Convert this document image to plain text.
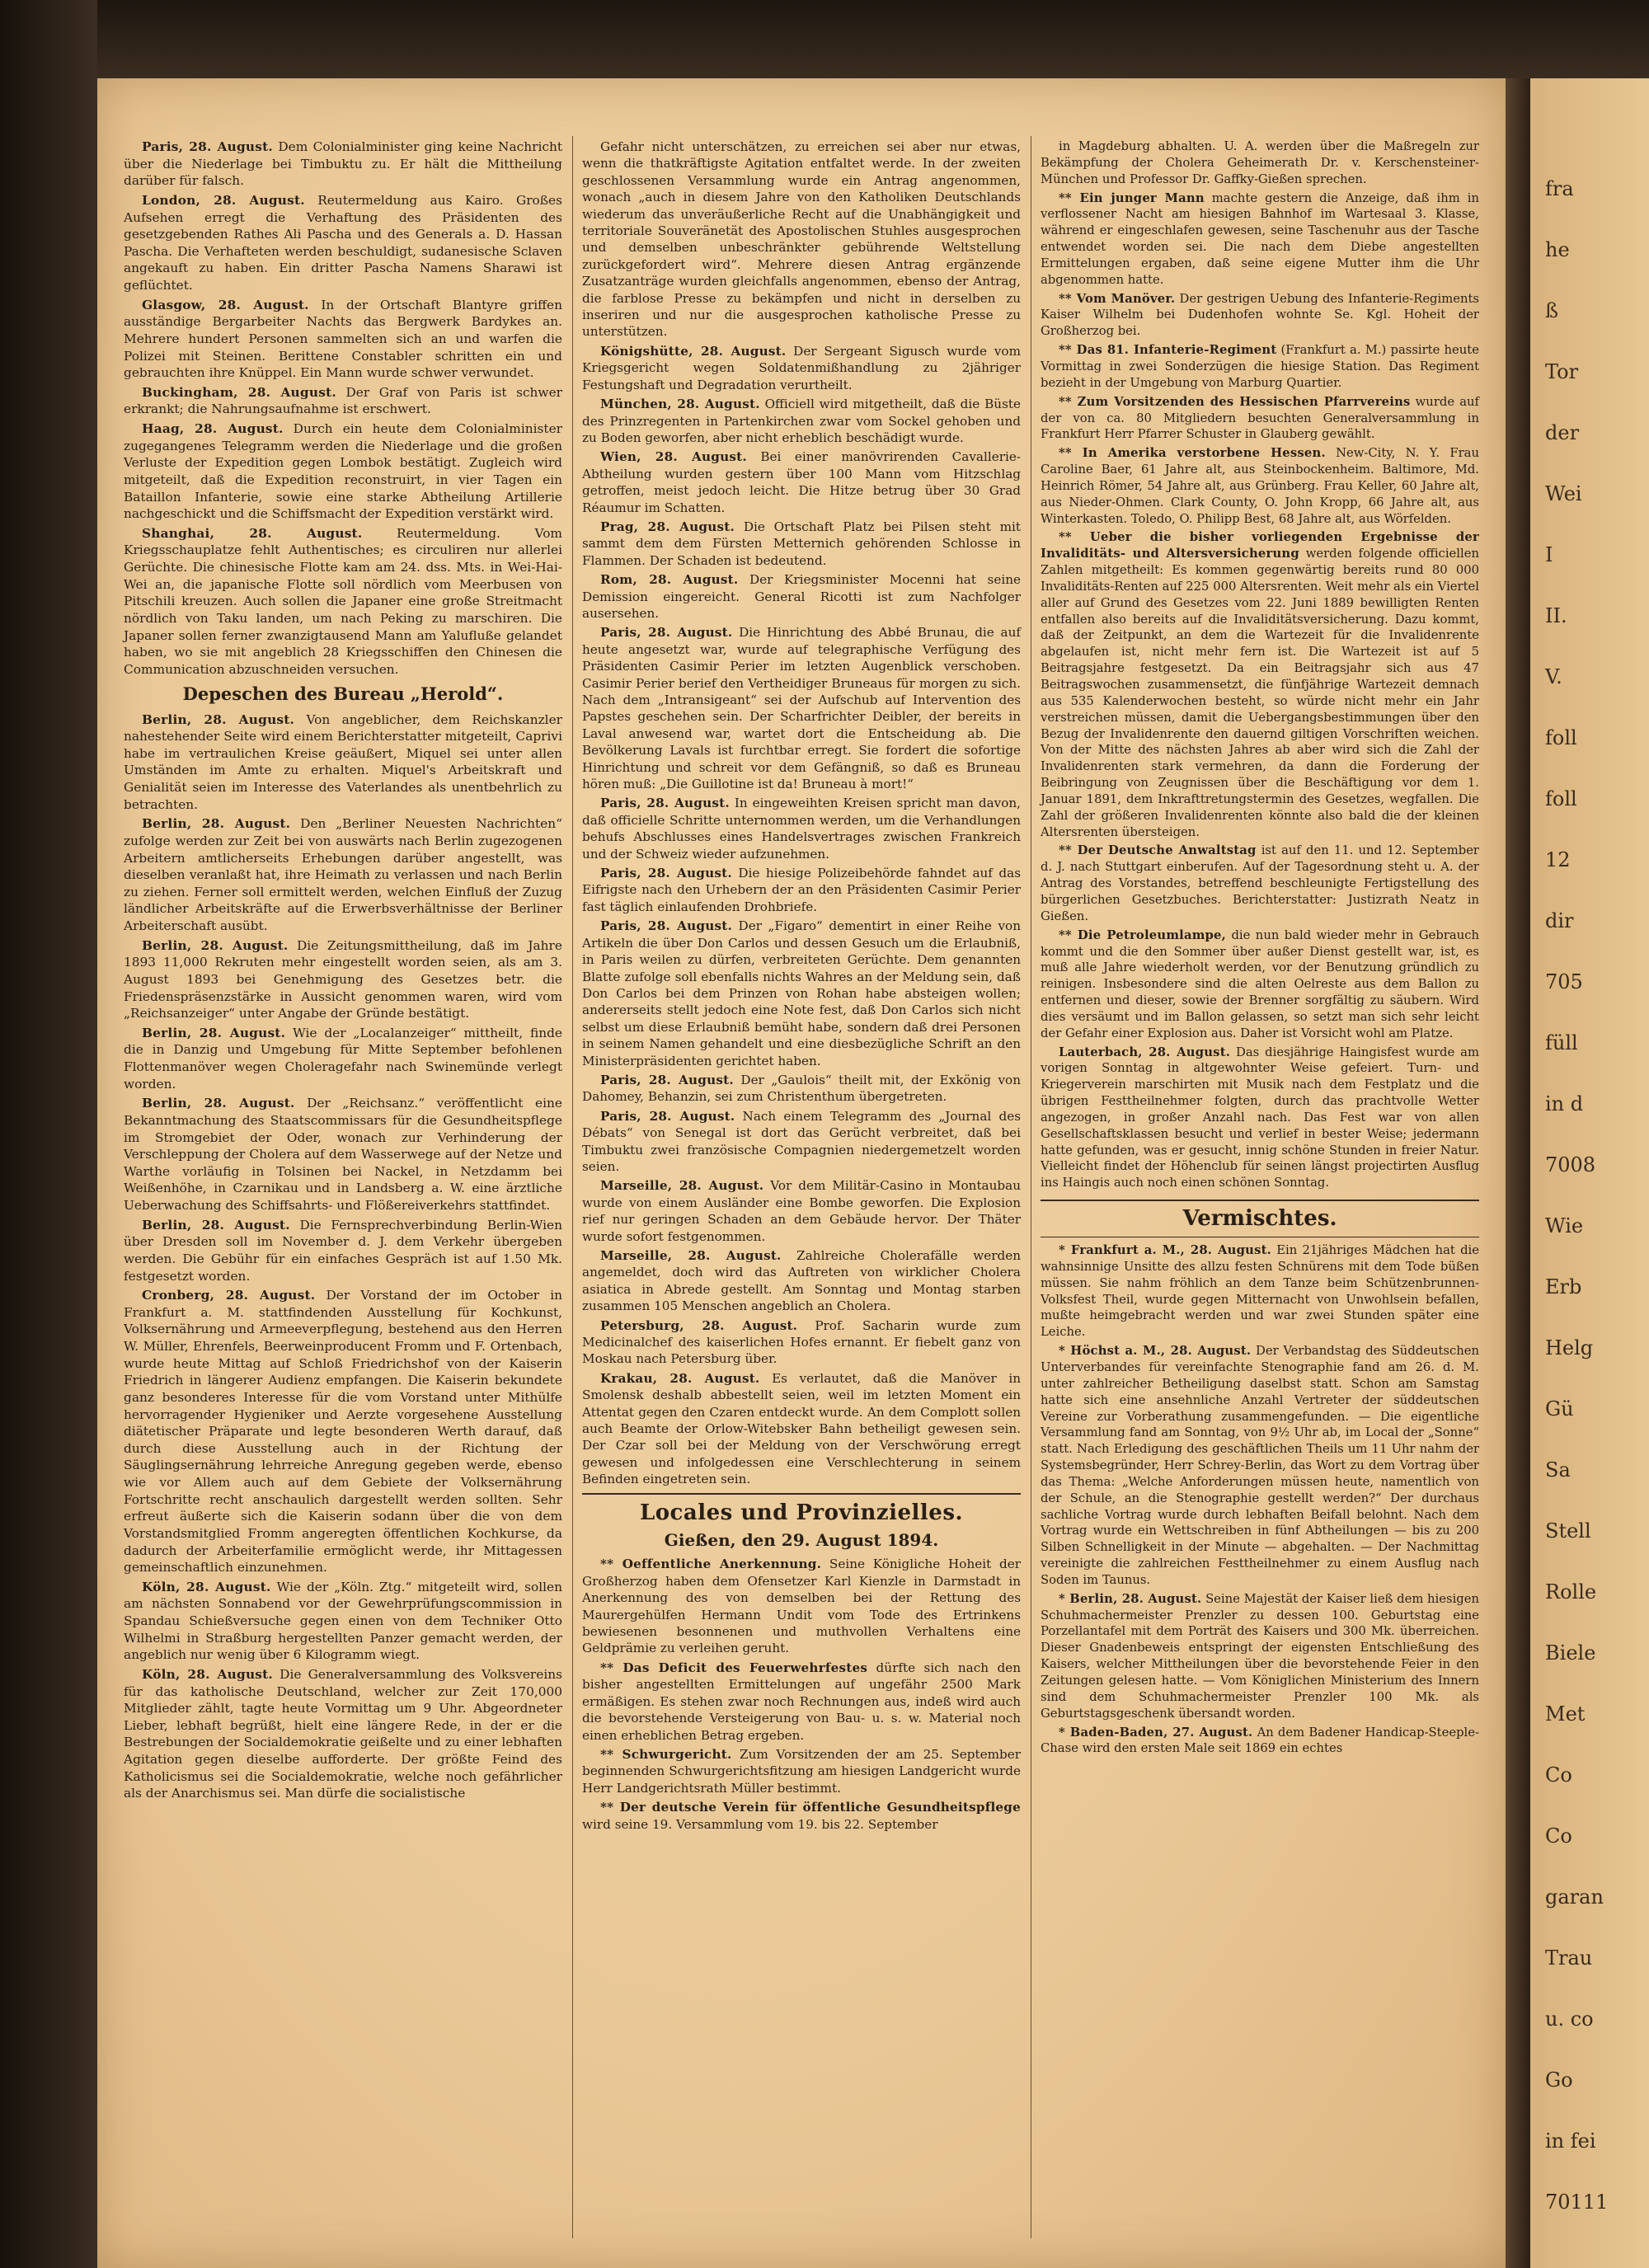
fra
he
ß
Tor
der
Wei
I
II.
V.
foll
foll
12
dir
705
füll
in d
7008
Wie
Erb
Helg
Gü
Sa
Stell
Rolle
Biele
Met
Co
Co
garan
Trau
u. co
Go
in fei
70111

Paris, 28. August. Dem Colonialminister ging keine Nachricht über die Niederlage bei Timbuktu zu. Er hält die Mittheilung darüber für falsch.

London, 28. August. Reutermeldung aus Kairo. Großes Aufsehen erregt die Verhaftung des Präsidenten des gesetzgebenden Rathes Ali Pascha und des Generals a. D. Hassan Pascha. Die Verhafteten werden beschuldigt, sudanesische Sclaven angekauft zu haben. Ein dritter Pascha Namens Sharawi ist geflüchtet.

Glasgow, 28. August. In der Ortschaft Blantyre griffen ausständige Bergarbeiter Nachts das Bergwerk Bardykes an. Mehrere hundert Personen sammelten sich an und warfen die Polizei mit Steinen. Berittene Constabler schritten ein und gebrauchten ihre Knüppel. Ein Mann wurde schwer verwundet.

Buckingham, 28. August. Der Graf von Paris ist schwer erkrankt; die Nahrungsaufnahme ist erschwert.

Haag, 28. August. Durch ein heute dem Colonialminister zugegangenes Telegramm werden die Niederlage und die großen Verluste der Expedition gegen Lombok bestätigt. Zugleich wird mitgeteilt, daß die Expedition reconstruirt, in vier Tagen ein Bataillon Infanterie, sowie eine starke Abtheilung Artillerie nachgeschickt und die Schiffsmacht der Expedition verstärkt wird.

Shanghai, 28. August.	Reutermeldung. Vom Kriegsschauplatze fehlt Authentisches; es circuliren nur allerlei Gerüchte. Die chinesische Flotte kam am 24. dss. Mts. in Wei-Hai-Wei an, die japanische Flotte soll nördlich vom Meerbusen von Pitschili kreuzen. Auch sollen die Japaner eine große Streitmacht nördlich von Taku landen, um nach Peking zu marschiren. Die Japaner sollen ferner zwanzigtausend Mann am Yalufluße gelandet haben, wo sie mit angeblich 28 Kriegsschiffen den Chinesen die Communication abzuschneiden versuchen.

Depeschen des Bureau „Herold“.

Berlin, 28. August. Von angeblicher, dem Reichskanzler nahestehender Seite wird einem Berichterstatter mitgeteilt, Caprivi habe im vertraulichen Kreise geäußert, Miquel sei unter allen Umständen im Amte zu erhalten. Miquel's Arbeitskraft und Genialität seien im Interesse des Vaterlandes als unentbehrlich zu betrachten.

Berlin, 28. August. Den „Berliner Neuesten Nachrichten“ zufolge werden zur Zeit bei von auswärts nach Berlin zugezogenen Arbeitern amtlicherseits Erhebungen darüber angestellt, was dieselben veranlaßt hat, ihre Heimath zu verlassen und nach Berlin zu ziehen. Ferner soll ermittelt werden, welchen Einfluß der Zuzug ländlicher Arbeitskräfte auf die Erwerbsverhältnisse der Berliner Arbeiterschaft ausübt.

Berlin, 28. August. Die Zeitungsmittheilung, daß im Jahre 1893 11,000 Rekruten mehr eingestellt worden seien, als am 3. August 1893 bei Genehmigung des Gesetzes betr. die Friedenspräsenzstärke in Aussicht genommen waren, wird vom „Reichsanzeiger“ unter Angabe der Gründe bestätigt.

Berlin, 28. August. Wie der „Localanzeiger“ mittheilt, finde die in Danzig und Umgebung für Mitte September befohlenen Flottenmanöver wegen Choleragefahr nach Swinemünde verlegt worden.

Berlin, 28. August. Der „Reichsanz.“ veröffentlicht eine Bekanntmachung des Staatscommissars für die Gesundheitspflege im Stromgebiet der Oder, wonach zur Verhinderung der Verschleppung der Cholera auf dem Wasserwege auf der Netze und Warthe vorläufig in Tolsinen bei Nackel, in Netzdamm bei Weißenhöhe, in Czarnikau und in Landsberg a. W. eine ärztliche Ueberwachung des Schiffsahrts- und Flößereiverkehrs stattfindet.

Berlin, 28. August. Die Fernsprechverbindung Berlin-Wien über Dresden soll im November d. J. dem Verkehr übergeben werden. Die Gebühr für ein einfaches Gespräch ist auf 1.50 Mk. festgesetzt worden.

Cronberg, 28. August. Der Vorstand der im October in Frankfurt a. M. stattfindenden Ausstellung für Kochkunst, Volksernährung und Armeeverpflegung, bestehend aus den Herren W. Müller, Ehrenfels, Beerweinproducent Fromm und F. Ortenbach, wurde heute Mittag auf Schloß Friedrichshof von der Kaiserin Friedrich in längerer Audienz empfangen. Die Kaiserin bekundete ganz besonderes Interesse für die vom Vorstand unter Mithülfe hervorragender Hygieniker und Aerzte vorgesehene Ausstellung diätetischer Präparate und legte besonderen Werth darauf, daß durch diese Ausstellung auch in der Richtung der Säuglingsernährung lehrreiche Anregung gegeben werde, ebenso wie vor Allem auch auf dem Gebiete der Volksernährung Fortschritte recht anschaulich dargestellt werden sollten. Sehr erfreut äußerte sich die Kaiserin sodann über die von dem Vorstandsmitglied Fromm angeregten öffentlichen Kochkurse, da dadurch der Arbeiterfamilie ermöglicht werde, ihr Mittagessen gemeinschaftlich einzunehmen.

Köln, 28. August. Wie der „Köln. Ztg.“ mitgeteilt wird, sollen am nächsten Sonnabend vor der Gewehrprüfungscommission in Spandau Schießversuche gegen einen von dem Techniker Otto Wilhelmi in Straßburg hergestellten Panzer gemacht werden, der angeblich nur wenig über 6 Kilogramm wiegt.

Köln, 28. August. Die Generalversammlung des Volksvereins für das katholische Deutschland, welcher zur Zeit 170,000 Mitglieder zählt, tagte heute Vormittag um 9 Uhr. Abgeordneter Lieber, lebhaft begrüßt, hielt eine längere Rede, in der er die Bestrebungen der Socialdemokratie geißelte und zu einer lebhaften Agitation gegen dieselbe aufforderte. Der größte Feind des Katholicismus sei die Socialdemokratie, welche noch gefährlicher als der Anarchismus sei. Man dürfe die socialistische

Gefahr nicht unterschätzen, zu erreichen sei aber nur etwas, wenn die thatkräftigste Agitation entfaltet werde. In der zweiten geschlossenen Versammlung wurde ein Antrag angenommen, wonach „auch in diesem Jahre von den Katholiken Deutschlands wiederum das unveräußerliche Recht auf die Unabhängigkeit und territoriale Souveränetät des Apostolischen Stuhles ausgesprochen und demselben unbeschränkter gebührende Weltstellung zurückgefordert wird“. Mehrere diesen Antrag ergänzende Zusatzanträge wurden gleichfalls angenommen, ebenso der Antrag, die farblose Presse zu bekämpfen und nicht in derselben zu inseriren und nur die ausgesprochen katholische Presse zu unterstützen.

Königshütte, 28. August. Der Sergeant Sigusch wurde vom Kriegsgericht wegen Soldatenmißhandlung zu 2jähriger Festungshaft und Degradation verurtheilt.

München, 28. August. Officiell wird mitgetheilt, daß die Büste des Prinzregenten in Partenkirchen zwar vom Sockel gehoben und zu Boden geworfen, aber nicht erheblich beschädigt wurde.

Wien, 28. August. Bei einer manövrirenden Cavallerie-Abtheilung wurden gestern über 100 Mann vom Hitzschlag getroffen, meist jedoch leicht. Die Hitze betrug über 30 Grad Réaumur im Schatten.

Prag, 28. August. Die Ortschaft Platz bei Pilsen steht mit sammt dem dem Fürsten Metternich gehörenden Schlosse in Flammen. Der Schaden ist bedeutend.

Rom, 28. August. Der Kriegsminister Mocenni hat seine Demission eingereicht. General Ricotti ist zum Nachfolger ausersehen.

Paris, 28. August. Die Hinrichtung des Abbé Brunau, die auf heute angesetzt war, wurde auf telegraphische Verfügung des Präsidenten Casimir Perier im letzten Augenblick verschoben. Casimir Perier berief den Vertheidiger Bruneaus für morgen zu sich. Nach dem „Intransigeant“ sei der Aufschub auf Intervention des Papstes geschehen sein. Der Scharfrichter Deibler, der bereits in Laval anwesend war, wartet dort die Entscheidung ab. Die Bevölkerung Lavals ist furchtbar erregt. Sie fordert die sofortige Hinrichtung und schreit vor dem Gefängniß, so daß es Bruneau hören muß: „Die Guillotine ist da! Bruneau à mort!“

Paris, 28. August. In eingeweihten Kreisen spricht man davon, daß officielle Schritte unternommen werden, um die Verhandlungen behufs Abschlusses eines Handelsvertrages zwischen Frankreich und der Schweiz wieder aufzunehmen.

Paris, 28. August. Die hiesige Polizeibehörde fahndet auf das Eifrigste nach den Urhebern der an den Präsidenten Casimir Perier fast täglich einlaufenden Drohbriefe.

Paris, 28. August. Der „Figaro“ dementirt in einer Reihe von Artikeln die über Don Carlos und dessen Gesuch um die Erlaubniß, in Paris weilen zu dürfen, verbreiteten Gerüchte. Dem genannten Blatte zufolge soll ebenfalls nichts Wahres an der Meldung sein, daß Don Carlos bei dem Prinzen von Rohan habe absteigen wollen; andererseits stellt jedoch eine Note fest, daß Don Carlos sich nicht selbst um diese Erlaubniß bemüht habe, sondern daß drei Personen in seinem Namen gehandelt und eine diesbezügliche Schrift an den Ministerpräsidenten gerichtet haben.

Paris, 28. August. Der „Gaulois“ theilt mit, der Exkönig von Dahomey, Behanzin, sei zum Christenthum übergetreten.

Paris, 28. August. Nach einem Telegramm des „Journal des Débats“ von Senegal ist dort das Gerücht verbreitet, daß bei Timbuktu zwei französische Compagnien niedergemetzelt worden seien.

Marseille, 28. August. Vor dem Militär-Casino in Montaubau wurde von einem Ausländer eine Bombe geworfen. Die Explosion rief nur geringen Schaden an dem Gebäude hervor. Der Thäter wurde sofort festgenommen.

Marseille, 28. August. Zahlreiche Cholerafälle werden angemeldet, doch wird das Auftreten von wirklicher Cholera asiatica in Abrede gestellt. Am Sonntag und Montag starben zusammen 105 Menschen angeblich an Cholera.

Petersburg, 28. August. Prof. Sacharin wurde zum Medicinalchef des kaiserlichen Hofes ernannt. Er fiebelt ganz von Moskau nach Petersburg über.

Krakau, 28. August. Es verlautet, daß die Manöver in Smolensk deshalb abbestellt seien, weil im letzten Moment ein Attentat gegen den Czaren entdeckt wurde. An dem Complott sollen auch Beamte der Orlow-Witebsker Bahn betheiligt gewesen sein. Der Czar soll bei der Meldung von der Verschwörung erregt gewesen und infolgedessen eine Verschlechterung in seinem Befinden eingetreten sein.

Locales und Provinzielles.
Gießen, den 29. August 1894.

** Oeffentliche Anerkennung. Seine Königliche Hoheit der Großherzog haben dem Ofensetzer Karl Kienzle in Darmstadt in Anerkennung des von demselben bei der Rettung des Maurergehülfen Hermann Undit vom Tode des Ertrinkens bewiesenen besonnenen und muthvollen Verhaltens eine Geldprämie zu verleihen geruht.

** Das Deficit des Feuerwehrfestes dürfte sich nach den bisher angestellten Ermittelungen auf ungefähr 2500 Mark ermäßigen. Es stehen zwar noch Rechnungen aus, indeß wird auch die bevorstehende Versteigerung von Bau- u. s. w. Material noch einen erheblichen Betrag ergeben.

** Schwurgericht. Zum Vorsitzenden der am 25. September beginnenden Schwurgerichtsfitzung am hiesigen Landgericht wurde Herr Landgerichtsrath Müller bestimmt.

** Der deutsche Verein für öffentliche Gesundheitspflege wird seine 19. Versammlung vom 19. bis 22. September

in Magdeburg abhalten. U. A. werden über die Maßregeln zur Bekämpfung der Cholera Geheimerath Dr. v. Kerschensteiner-München und Professor Dr. Gaffky-Gießen sprechen.

** Ein junger Mann machte gestern die Anzeige, daß ihm in verflossener Nacht am hiesigen Bahnhof im Wartesaal 3. Klasse, während er eingeschlafen gewesen, seine Taschenuhr aus der Tasche entwendet worden sei. Die nach dem Diebe angestellten Ermittelungen ergaben, daß seine eigene Mutter ihm die Uhr abgenommen hatte.

** Vom Manöver. Der gestrigen Uebung des Infanterie-Regiments Kaiser Wilhelm bei Dudenhofen wohnte Se. Kgl. Hoheit der Großherzog bei.

** Das 81. Infanterie-Regiment (Frankfurt a. M.) passirte heute Vormittag in zwei Sonderzügen die hiesige Station. Das Regiment bezieht in der Umgebung von Marburg Quartier.

** Zum Vorsitzenden des Hessischen Pfarrvereins wurde auf der von ca. 80 Mitgliedern besuchten Generalversammlung in Frankfurt Herr Pfarrer Schuster in Glauberg gewählt.

** In Amerika verstorbene Hessen. New-City, N. Y. Frau Caroline Baer, 61 Jahre alt, aus Steinbockenheim. Baltimore, Md. Heinrich Römer, 54 Jahre alt, aus Grünberg. Frau Keller, 60 Jahre alt, aus Nieder-Ohmen. Clark County, O. John Kropp, 66 Jahre alt, aus Winterkasten. Toledo, O. Philipp Best, 68 Jahre alt, aus Wörfelden.

** Ueber die bisher vorliegenden Ergebnisse der Invaliditäts- und Altersversicherung werden folgende officiellen Zahlen mitgetheilt: Es kommen gegenwärtig bereits rund 80 000 Invaliditäts-Renten auf 225 000 Altersrenten. Weit mehr als ein Viertel aller auf Grund des Gesetzes vom 22. Juni 1889 bewilligten Renten entfallen also bereits auf die Invaliditätsversicherung. Dazu kommt, daß der Zeitpunkt, an dem die Wartezeit für die Invalidenrente abgelaufen ist, nicht mehr fern ist. Die Wartezeit ist auf 5 Beitragsjahre festgesetzt. Da ein Beitragsjahr sich aus 47 Beitragswochen zusammensetzt, die fünfjährige Wartezeit demnach aus 535 Kalenderwochen besteht, so würde nicht mehr ein Jahr verstreichen müssen, damit die Uebergangsbestimmungen über den Bezug der Invalidenrente den dauernd giltigen Vorschriften weichen. Von der Mitte des nächsten Jahres ab aber wird sich die Zahl der Invalidenrenten stark vermehren, da dann die Forderung der Beibringung von Zeugnissen über die Beschäftigung vor dem 1. Januar 1891, dem Inkrafttretungstermin des Gesetzes, wegfallen. Die Zahl der größeren Invalidenrenten könnte also bald die der kleinen Altersrenten übersteigen.

** Der Deutsche Anwaltstag ist auf den 11. und 12. September d. J. nach Stuttgart einberufen. Auf der Tagesordnung steht u. A. der Antrag des Vorstandes, betreffend beschleunigte Fertigstellung des bürgerlichen Gesetzbuches. Berichterstatter: Justizrath Neatz in Gießen.

** Die Petroleumlampe, die nun bald wieder mehr in Gebrauch kommt und die den Sommer über außer Dienst gestellt war, ist, es muß alle Jahre wiederholt werden, vor der Benutzung gründlich zu reinigen. Insbesondere sind die alten Oelreste aus dem Ballon zu entfernen und dieser, sowie der Brenner sorgfältig zu säubern. Wird dies versäumt und im Ballon gelassen, so setzt man sich sehr leicht der Gefahr einer Explosion aus. Daher ist Vorsicht wohl am Platze.

Lauterbach, 28. August. Das diesjährige Haingisfest wurde am vorigen Sonntag in altgewohnter Weise gefeiert. Turn- und Kriegerverein marschirten mit Musik nach dem Festplatz und die übrigen Festtheilnehmer folgten, durch das prachtvolle Wetter angezogen, in großer Anzahl nach. Das Fest war von allen Gesellschaftsklassen besucht und verlief in bester Weise; jedermann hatte gefunden, was er gesucht, innig schöne Stunden in freier Natur. Vielleicht findet der Höhenclub für seinen längst projectirten Ausflug ins Haingis auch noch einen schönen Sonntag.

Vermischtes.

* Frankfurt a. M., 28. August. Ein 21jähriges Mädchen hat die wahnsinnige Unsitte des allzu festen Schnürens mit dem Tode büßen müssen. Sie nahm fröhlich an dem Tanze beim Schützenbrunnen-Volksfest Theil, wurde gegen Mitternacht von Unwohlsein befallen, mußte heimgebracht werden und war zwei Stunden später eine Leiche.

* Höchst a. M., 28. August. Der Verbandstag des Süddeutschen Unterverbandes für vereinfachte Stenographie fand am 26. d. M. unter zahlreicher Betheiligung daselbst statt. Schon am Samstag hatte sich eine ansehnliche Anzahl Vertreter der süddeutschen Vereine zur Vorberathung zusammengefunden. — Die eigentliche Versammlung fand am Sonntag, von 9½ Uhr ab, im Local der „Sonne“ statt. Nach Erledigung des geschäftlichen Theils um 11 Uhr nahm der Systemsbegründer, Herr Schrey-Berlin, das Wort zu dem Vortrag über das Thema: „Welche Anforderungen müssen heute, namentlich von der Schule, an die Stenographie gestellt werden?“ Der durchaus sachliche Vortrag wurde durch lebhaften Beifall belohnt. Nach dem Vortrag wurde ein Wettschreiben in fünf Abtheilungen — bis zu 200 Silben Schnelligkeit in der Minute — abgehalten. — Der Nachmittag vereinigte die zahlreichen Festtheilnehmer zu einem Ausflug nach Soden im Taunus.

* Berlin, 28. August. Seine Majestät der Kaiser ließ dem hiesigen Schuhmachermeister Prenzler zu dessen 100. Geburtstag eine Porzellantafel mit dem Porträt des Kaisers und 300 Mk. überreichen. Dieser Gnadenbeweis entspringt der eigensten Entschließung des Kaisers, welcher Mittheilungen über die bevorstehende Feier in den Zeitungen gelesen hatte. — Vom Königlichen Ministerium des Innern sind dem Schuhmachermeister Prenzler 100 Mk. als Geburtstagsgeschenk übersandt worden.

* Baden-Baden, 27. August. An dem Badener Handicap-Steeple-Chase wird den ersten Male seit 1869 ein echtes
